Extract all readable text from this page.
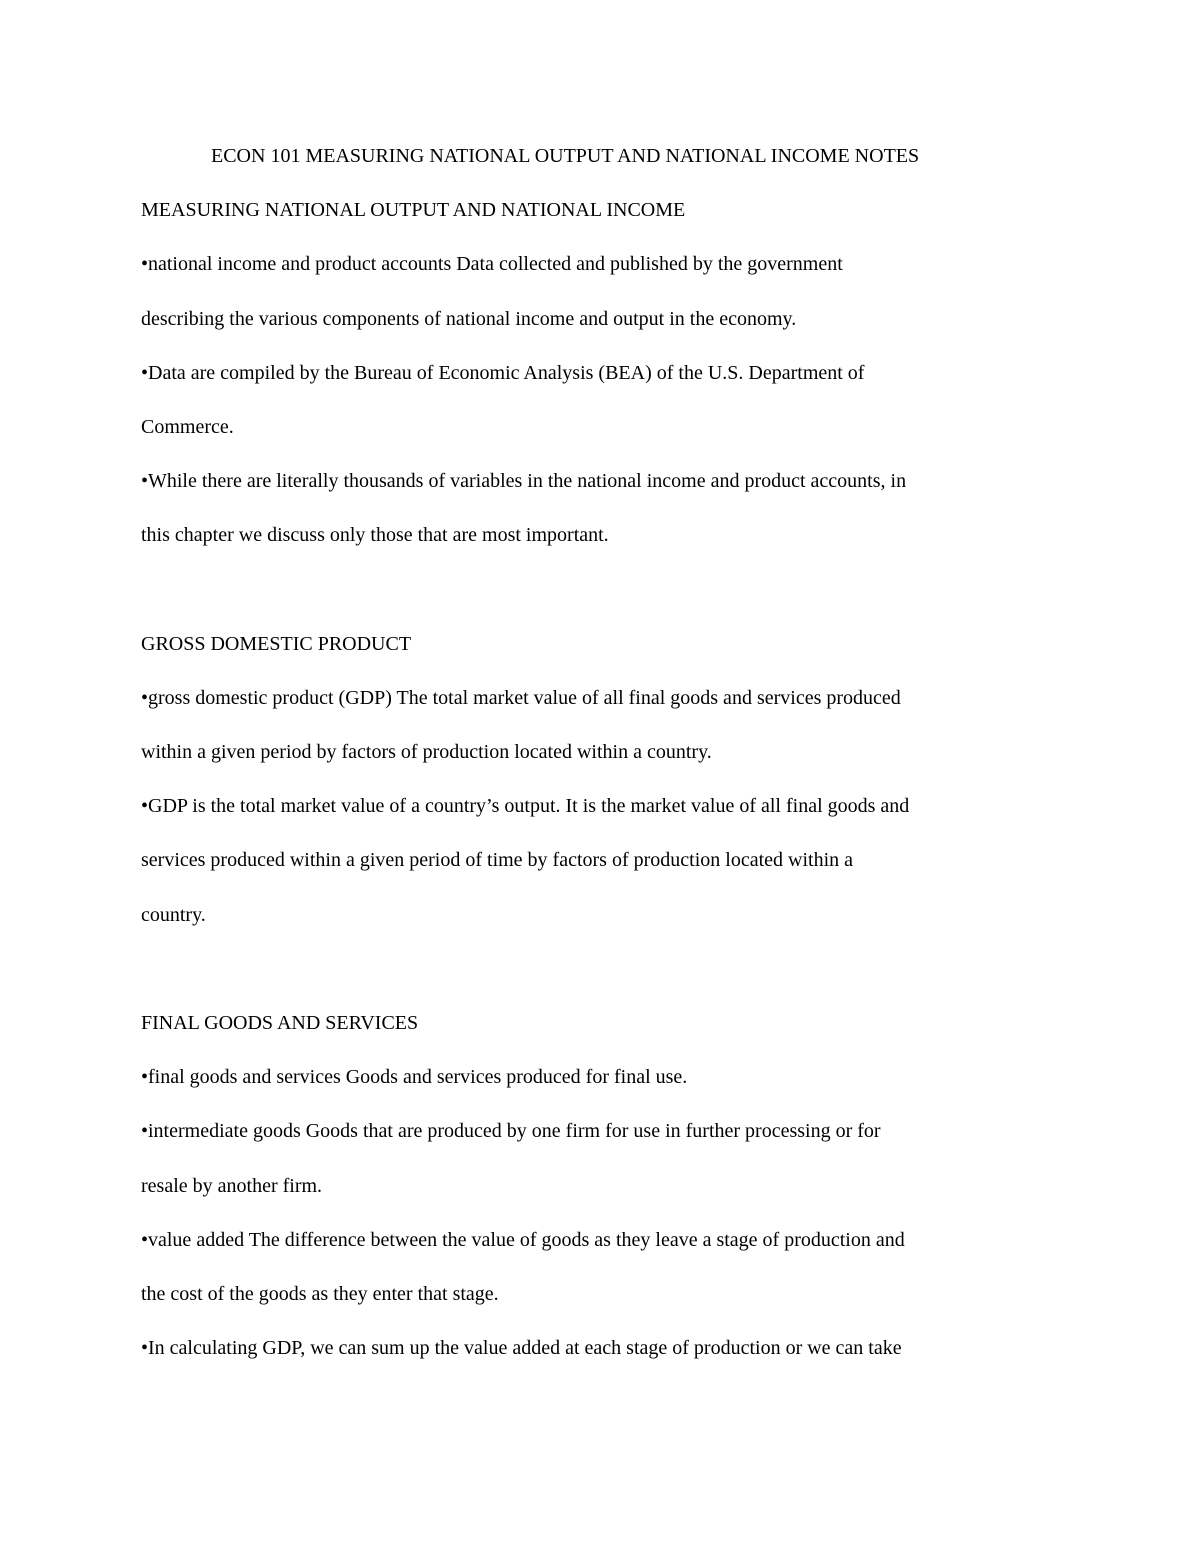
ECON 101 MEASURING NATIONAL OUTPUT AND NATIONAL INCOME NOTES
MEASURING NATIONAL OUTPUT AND NATIONAL INCOME
•national income and product accounts Data collected and published by the government
describing the various components of national income and output in the economy.
•Data are compiled by the Bureau of Economic Analysis (BEA) of the U.S. Department of
Commerce.
•While there are literally thousands of variables in the national income and product accounts, in
this chapter we discuss only those that are most important.
GROSS DOMESTIC PRODUCT
•gross domestic product (GDP) The total market value of all final goods and services produced
within a given period by factors of production located within a country.
•GDP is the total market value of a country’s output. It is the market value of all final goods and
services produced within a given period of time by factors of production located within a
country.
FINAL GOODS AND SERVICES
•final goods and services Goods and services produced for final use.
•intermediate goods Goods that are produced by one firm for use in further processing or for
resale by another firm.
•value added The difference between the value of goods as they leave a stage of production and
the cost of the goods as they enter that stage.
•In calculating GDP, we can sum up the value added at each stage of production or we can take
